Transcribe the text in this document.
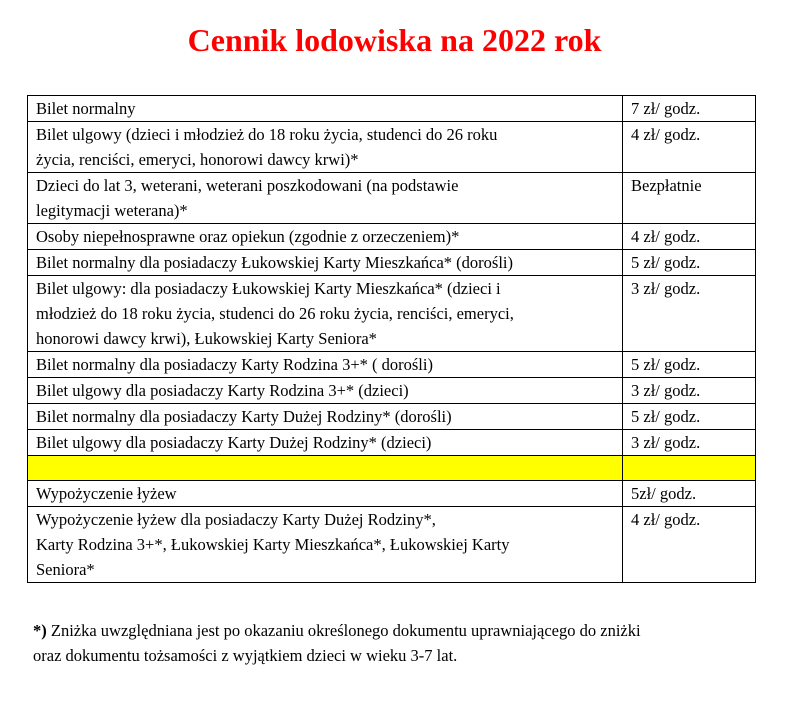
Cennik lodowiska na 2022 rok
Bilet normalny	7 zł/ godz.

Bilet ulgowy (dzieci i młodzież do 18 roku życia, studenci do 26 roku
życia, renciści, emeryci, honorowi dawcy krwi)*	4 zł/ godz.

Dzieci do lat 3, weterani, weterani poszkodowani (na podstawie
legitymacji weterana)*	Bezpłatnie

Osoby niepełnosprawne oraz opiekun (zgodnie z orzeczeniem)*	4 zł/ godz.

Bilet normalny dla posiadaczy Łukowskiej Karty Mieszkańca* (dorośli)	5 zł/ godz.

Bilet ulgowy: dla posiadaczy Łukowskiej Karty Mieszkańca* (dzieci i
młodzież do 18 roku życia, studenci do 26 roku życia, renciści, emeryci,
honorowi dawcy krwi), Łukowskiej Karty Seniora*	3 zł/ godz.

Bilet normalny dla posiadaczy Karty Rodzina 3+* ( dorośli)	5 zł/ godz.

Bilet ulgowy dla posiadaczy Karty Rodzina 3+* (dzieci)	3 zł/ godz.

Bilet normalny dla posiadaczy Karty Dużej Rodziny* (dorośli)	5 zł/ godz.

Bilet ulgowy dla posiadaczy Karty Dużej Rodziny* (dzieci)	3 zł/ godz.

Wypożyczenie łyżew	5zł/ godz.

Wypożyczenie łyżew dla posiadaczy Karty Dużej Rodziny*,
Karty Rodzina 3+*, Łukowskiej Karty Mieszkańca*, Łukowskiej Karty
Seniora*	4 zł/ godz.
*) Zniżka uwzględniana jest po okazaniu określonego dokumentu uprawniającego do zniżki
oraz dokumentu tożsamości z wyjątkiem dzieci w wieku 3-7 lat.
